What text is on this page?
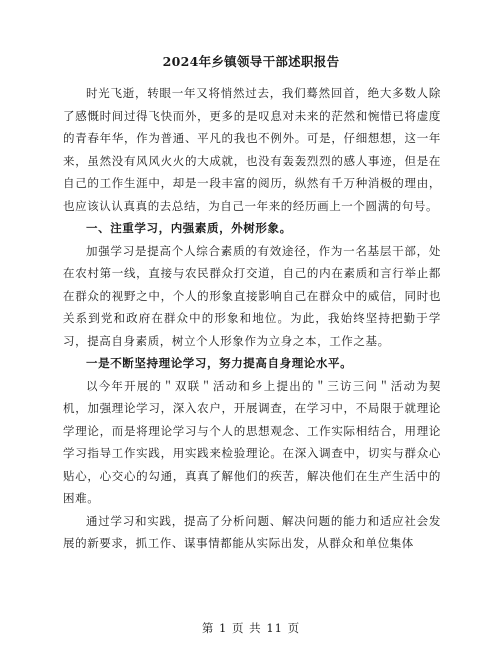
2024年乡镇领导干部述职报告

时光飞逝，转眼一年又将悄然过去，我们蓦然回首，绝大多数人除了感慨时间过得飞快而外，更多的是叹息对未来的茫然和惋惜已将虚度的青春年华，作为普通、平凡的我也不例外。可是，仔细想想，这一年来，虽然没有风风火火的大成就，也没有轰轰烈烈的感人事迹，但是在自己的工作生涯中，却是一段丰富的阅历，纵然有千万种消极的理由，也应该认认真真的去总结，为自己一年来的经历画上一个圆满的句号。

一、注重学习，内强素质，外树形象。

加强学习是提高个人综合素质的有效途径，作为一名基层干部，处在农村第一线，直接与农民群众打交道，自己的内在素质和言行举止都在群众的视野之中，个人的形象直接影响自己在群众中的威信，同时也关系到党和政府在群众中的形象和地位。为此，我始终坚持把勤于学习，提高自身素质，树立个人形象作为立身之本，工作之基。

一是不断坚持理论学习，努力提高自身理论水平。

以今年开展的＂双联＂活动和乡上提出的＂三访三问＂活动为契机，加强理论学习，深入农户，开展调查，在学习中，不局限于就理论学理论，而是将理论学习与个人的思想观念、工作实际相结合，用理论学习指导工作实践，用实践来检验理论。在深入调查中，切实与群众心贴心，心交心的勾通，真真了解他们的疾苦，解决他们在生产生活中的困难。

通过学习和实践，提高了分析问题、解决问题的能力和适应社会发展的新要求，抓工作、谋事情都能从实际出发，从群众和单位集体

第 1 页 共 11 页
